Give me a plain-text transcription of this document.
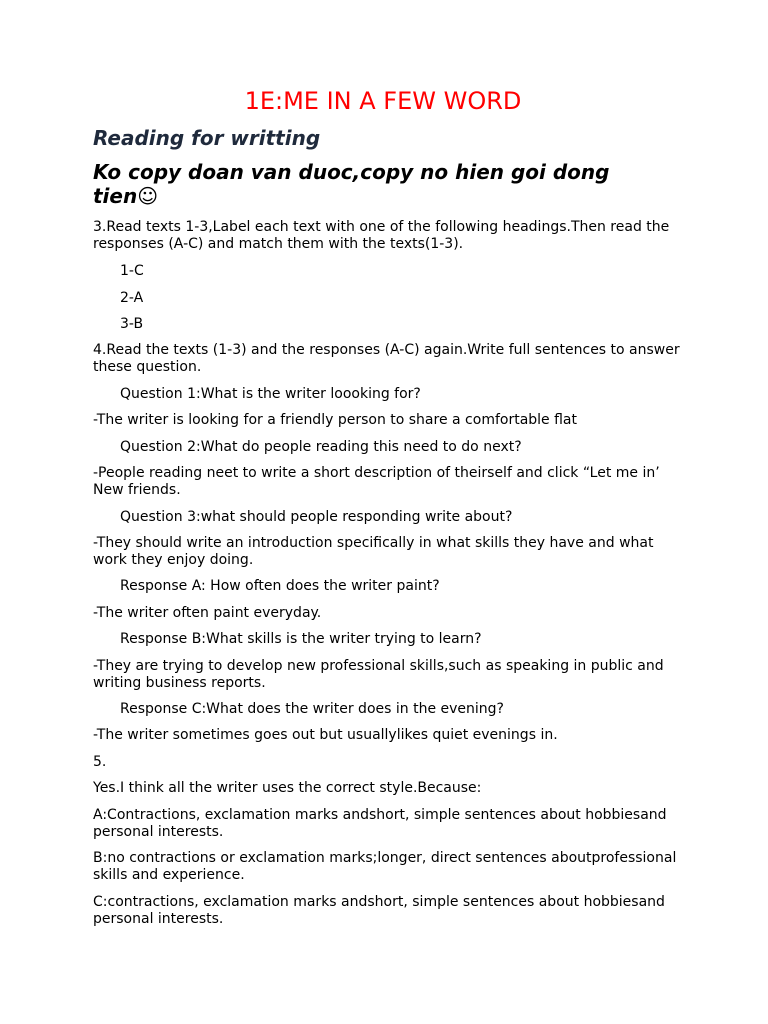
1E:ME IN A FEW WORD
Reading for writting
Ko copy doan van duoc,copy no hien goi dong tien☺

3.Read texts 1-3,Label each text with one of the following headings.Then read the responses (A-C) and match them with the texts(1-3).

1-C

2-A

3-B

4.Read the texts (1-3) and the responses (A-C) again.Write full sentences to answer these question.

Question 1:What is the writer loooking for?

-The writer is looking for a friendly person to share a comfortable flat

Question 2:What do people reading this need to do next?

-People reading neet to write a short description of theirself and click “Let me in’ New friends.

Question 3:what should people responding write about?

-They should write an introduction specifically in what skills they have and what work they enjoy doing.

Response A: How often does the writer paint?

-The writer often paint everyday.

Response B:What skills is the writer trying to learn?

-They are trying to develop new professional skills,such as speaking in public and writing business reports.

Response C:What does the writer does in the evening?

-The writer sometimes goes out but usuallylikes quiet evenings in.

5.

Yes.I think all the writer uses the correct style.Because:

A:Contractions, exclamation marks andshort, simple sentences about hobbiesand personal interests.

B:no contractions or exclamation marks;longer, direct sentences aboutprofessional skills and experience.

C:contractions, exclamation marks andshort, simple sentences about hobbiesand personal interests.
